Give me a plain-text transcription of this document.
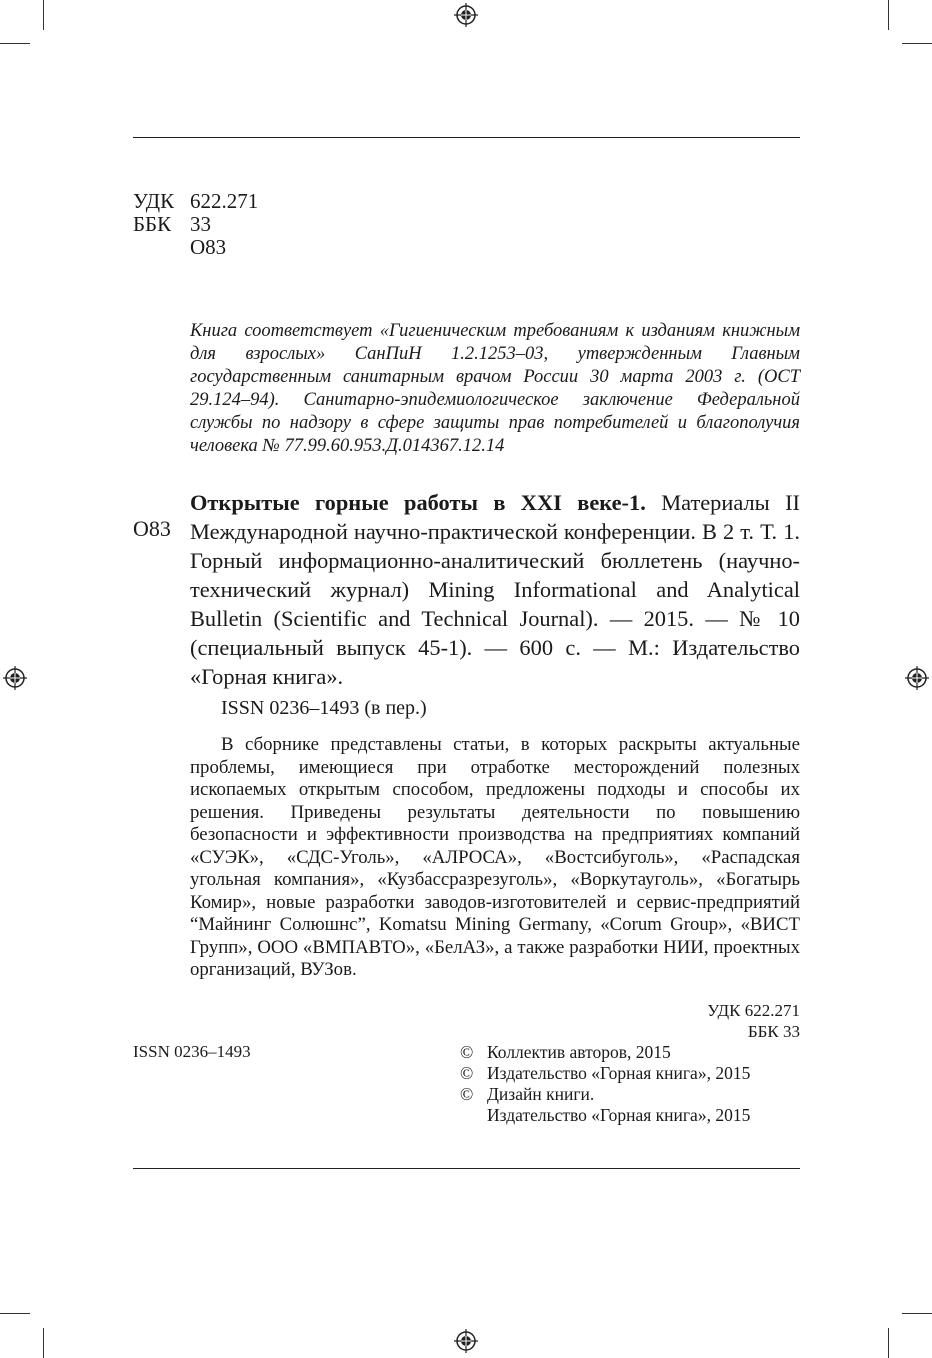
УДК 622.271
ББК 33
О83
Книга соответствует «Гигиеническим требованиям к изданиям книжным для взрослых» СанПиН 1.2.1253–03, утвержденным Главным государственным санитарным врачом России 30 марта 2003 г. (ОСТ 29.124–94). Санитарно-эпидемиологическое заключение Федеральной службы по надзору в сфере защиты прав потребителей и благополучия человека № 77.99.60.953.Д.014367.12.14
О83
Открытые горные работы в XXI веке-1. Материалы II Международной научно-практической конференции. В 2 т. Т. 1. Горный информационно-аналитический бюллетень (научно-технический журнал) Mining Informational and Analytical Bulletin (Scientific and Technical Journal). — 2015. — № 10 (специальный выпуск 45-1). — 600 с. — М.: Издательство «Горная книга».
ISSN 0236–1493 (в пер.)
В сборнике представлены статьи, в которых раскрыты актуальные проблемы, имеющиеся при отработке месторождений полезных ископаемых открытым способом, предложены подходы и способы их решения. Приведены результаты деятельности по повышению безопасности и эффективности производства на предприятиях компаний «СУЭК», «СДС-Уголь», «АЛРОСА», «Востсибуголь», «Распадская угольная компания», «Кузбассразрезуголь», «Воркутауголь», «Богатырь Комир», новые разработки заводов-изготовителей и сервис-предприятий “Майнинг Солюшнс”, Komatsu Mining Germany, «Corum Group», «ВИСТ Групп», ООО «ВМПАВТО», «БелАЗ», а также разработки НИИ, проектных организаций, ВУЗов.
УДК 622.271
ББК 33
ISSN 0236–1493	© Коллектив авторов, 2015
© Издательство «Горная книга», 2015
© Дизайн книги.
Издательство «Горная книга», 2015
